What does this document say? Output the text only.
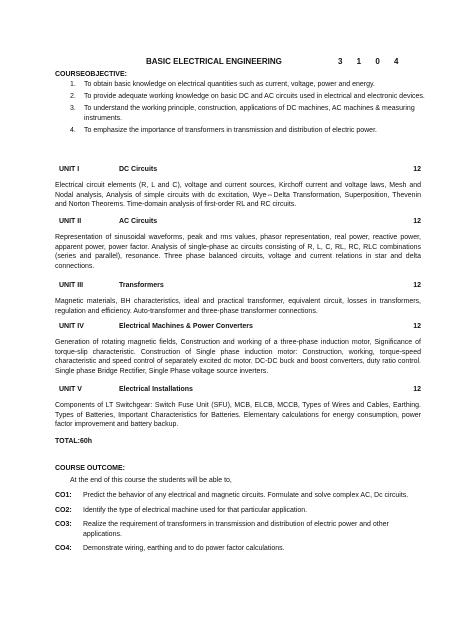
BASIC ELECTRICAL ENGINEERING	3 1 0 4
COURSEOBJECTIVE:
1. To obtain basic knowledge on electrical quantities such as current, voltage, power and energy.
2. To provide adequate working knowledge on basic DC and AC circuits used in electrical and electronic devices.
3. To understand the working principle, construction, applications of DC machines, AC machines & measuring instruments.
4. To emphasize the importance of transformers in transmission and distribution of electric power.
UNIT I	DC Circuits	12
Electrical circuit elements (R, L and C), voltage and current sources, Kirchoff current and voltage laws, Mesh and Nodal analysis, Analysis of simple circuits with dc excitation, Wye⇔Delta Transformation, Superposition, Thevenin and Norton Theorems. Time-domain analysis of first-order RL and RC circuits.
UNIT II	AC Circuits	12
Representation of sinusoidal waveforms, peak and rms values, phasor representation, real power, reactive power, apparent power, power factor. Analysis of single-phase ac circuits consisting of R, L, C, RL, RC, RLC combinations (series and parallel), resonance. Three phase balanced circuits, voltage and current relations in star and delta connections.
UNIT III	Transformers	12
Magnetic materials, BH characteristics, ideal and practical transformer, equivalent circuit, losses in transformers, regulation and efficiency. Auto-transformer and three-phase transformer connections.
UNIT IV	Electrical Machines & Power Converters	12
Generation of rotating magnetic fields, Construction and working of a three-phase induction motor, Significance of torque-slip characteristic. Construction of Single phase induction motor: Construction, working, torque-speed characteristic and speed control of separately excited dc motor. DC-DC buck and boost converters, duty ratio control. Single phase Bridge Rectifier, Single Phase voltage source inverters.
UNIT V	Electrical Installations	12
Components of LT Switchgear: Switch Fuse Unit (SFU), MCB, ELCB, MCCB, Types of Wires and Cables, Earthing. Types of Batteries, Important Characteristics for Batteries. Elementary calculations for energy consumption, power factor improvement and battery backup.
TOTAL:60h
COURSE OUTCOME:
At the end of this course the students will be able to,
CO1: Predict the behavior of any electrical and magnetic circuits. Formulate and solve complex AC, Dc circuits.
CO2: Identify the type of electrical machine used for that particular application.
CO3: Realize the requirement of transformers in transmission and distribution of electric power and other applications.
CO4: Demonstrate wiring, earthing and to do power factor calculations.
